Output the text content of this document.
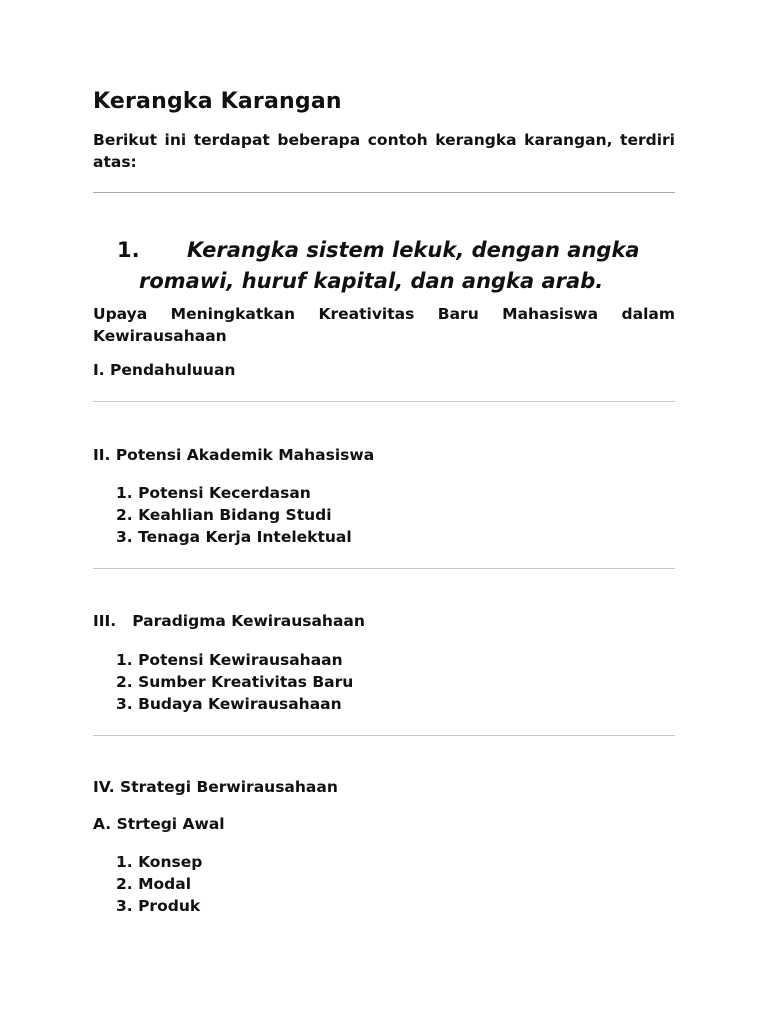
Kerangka Karangan

Berikut ini terdapat beberapa contoh kerangka karangan, terdiri atas:

1. Kerangka sistem lekuk, dengan angka
romawi, huruf kapital, dan angka arab.

Upaya Meningkatkan Kreativitas Baru Mahasiswa dalam Kewirausahaan

I. Pendahuluuan

II. Potensi Akademik Mahasiswa

1. Potensi Kecerdasan
2. Keahlian Bidang Studi
3. Tenaga Kerja Intelektual

III. Paradigma Kewirausahaan

1. Potensi Kewirausahaan
2. Sumber Kreativitas Baru
3. Budaya Kewirausahaan

IV. Strategi Berwirausahaan

A. Strtegi Awal

1. Konsep
2. Modal
3. Produk
